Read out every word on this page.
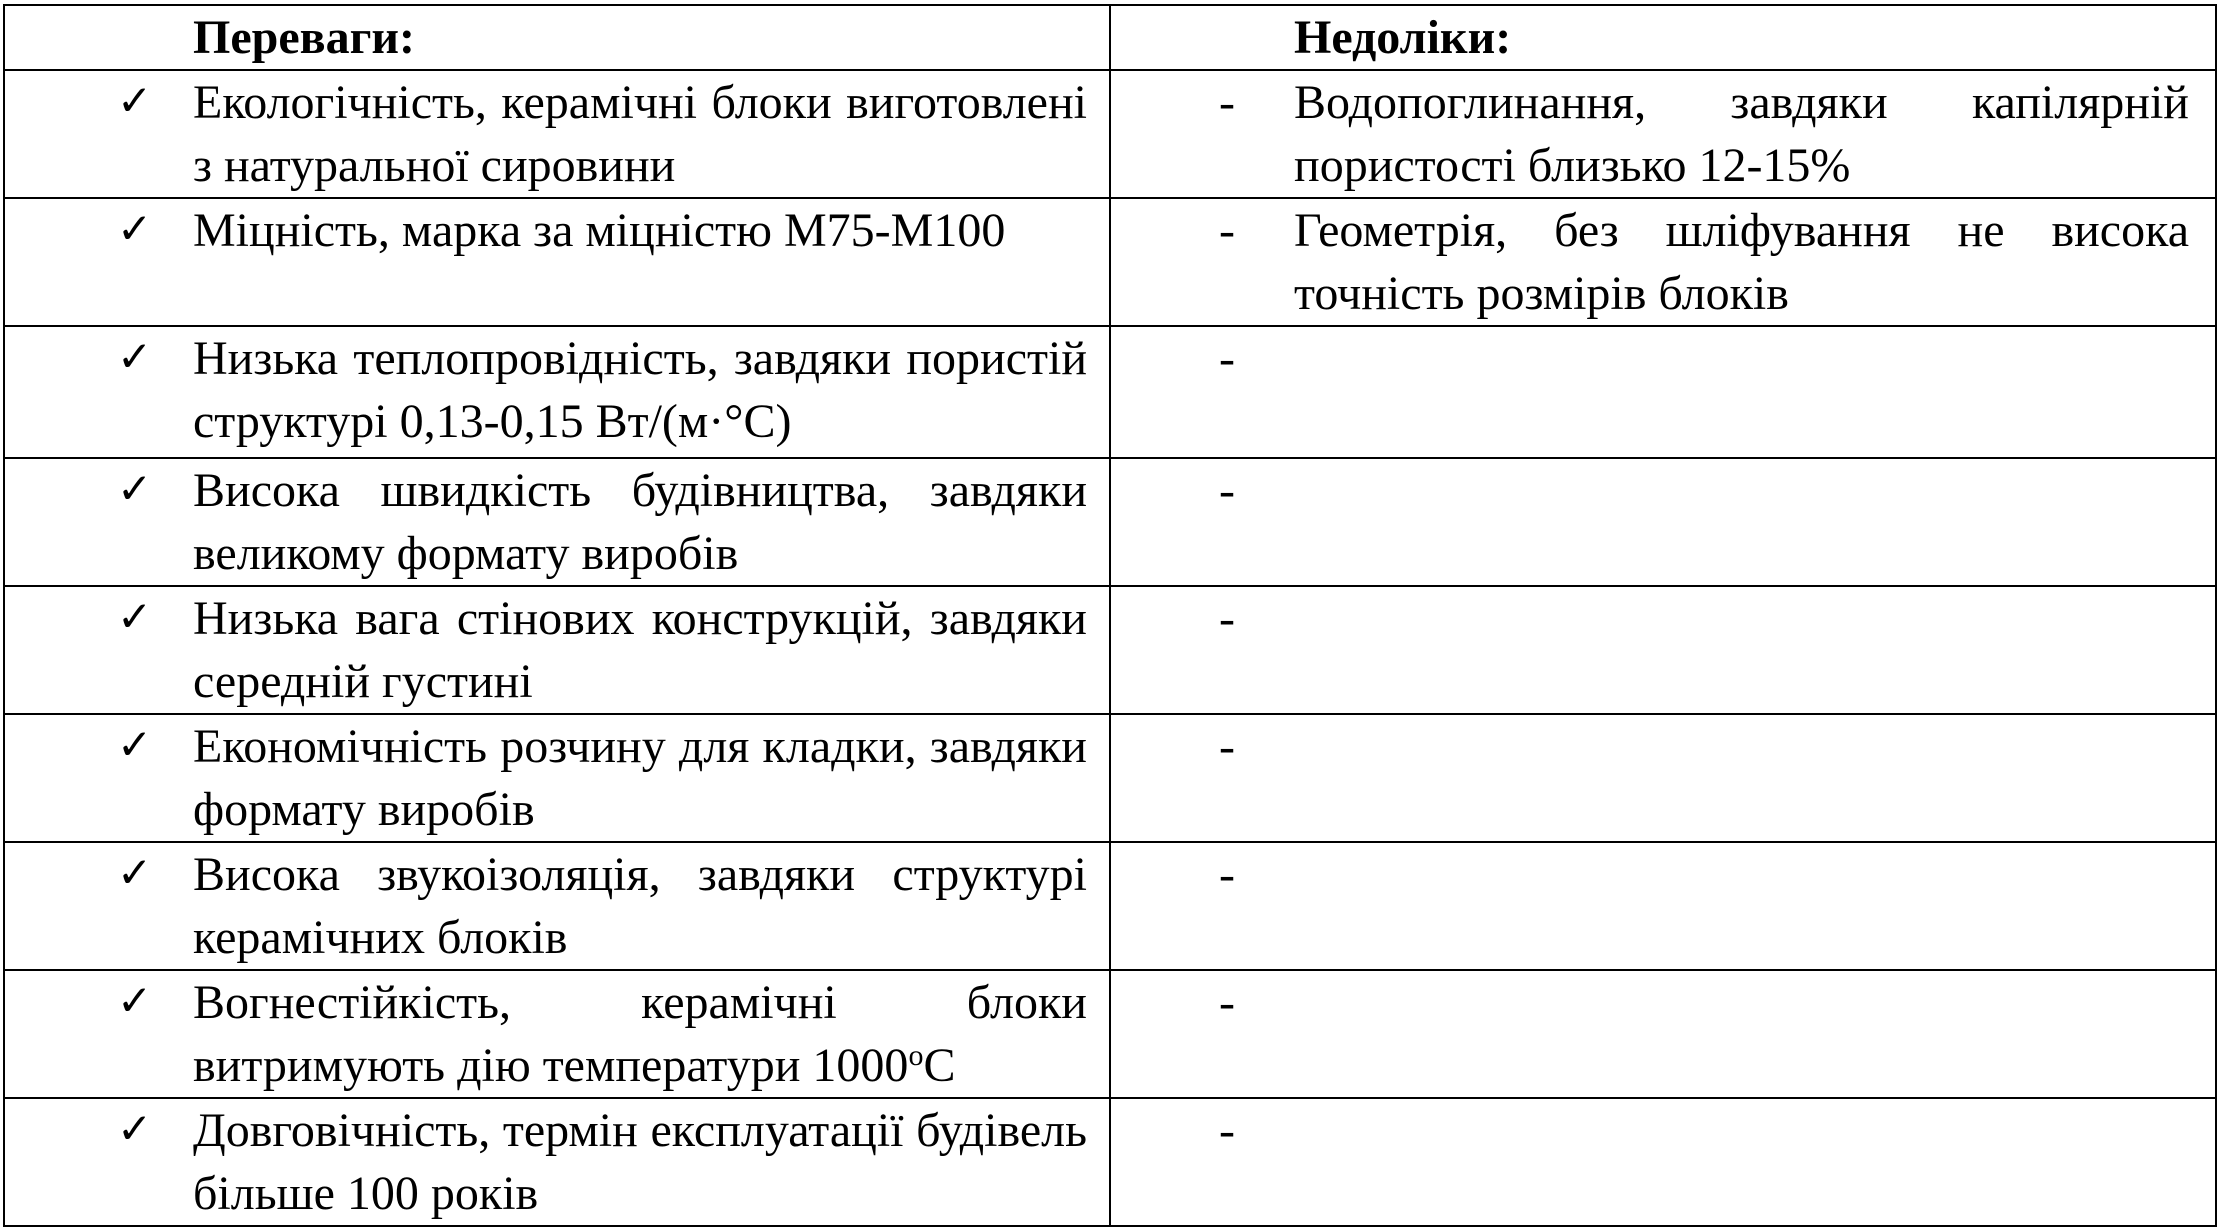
Переваги:	Недоліки:

✓ Екологічність, керамічні блоки виготовлені з натуральної сировини	- Водопоглинання, завдяки капілярній пористості близько 12-15%

✓ Міцність, марка за міцністю М75-М100	- Геометрія, без шліфування не висока точність розмірів блоків

✓ Низька теплопровідність, завдяки пористій структурі 0,13-0,15 Вт/(м·°С)	-

✓ Висока швидкість будівництва, завдяки великому формату виробів	-

✓ Низька вага стінових конструкцій, завдяки середній густині	-

✓ Економічність розчину для кладки, завдяки формату виробів	-

✓ Висока звукоізоляція, завдяки структурі керамічних блоків	-

✓ Вогнестійкість, керамічні блоки витримують дію температури $1000^оС$	-

✓ Довговічність, термін експлуатації будівель більше 100 років	-
